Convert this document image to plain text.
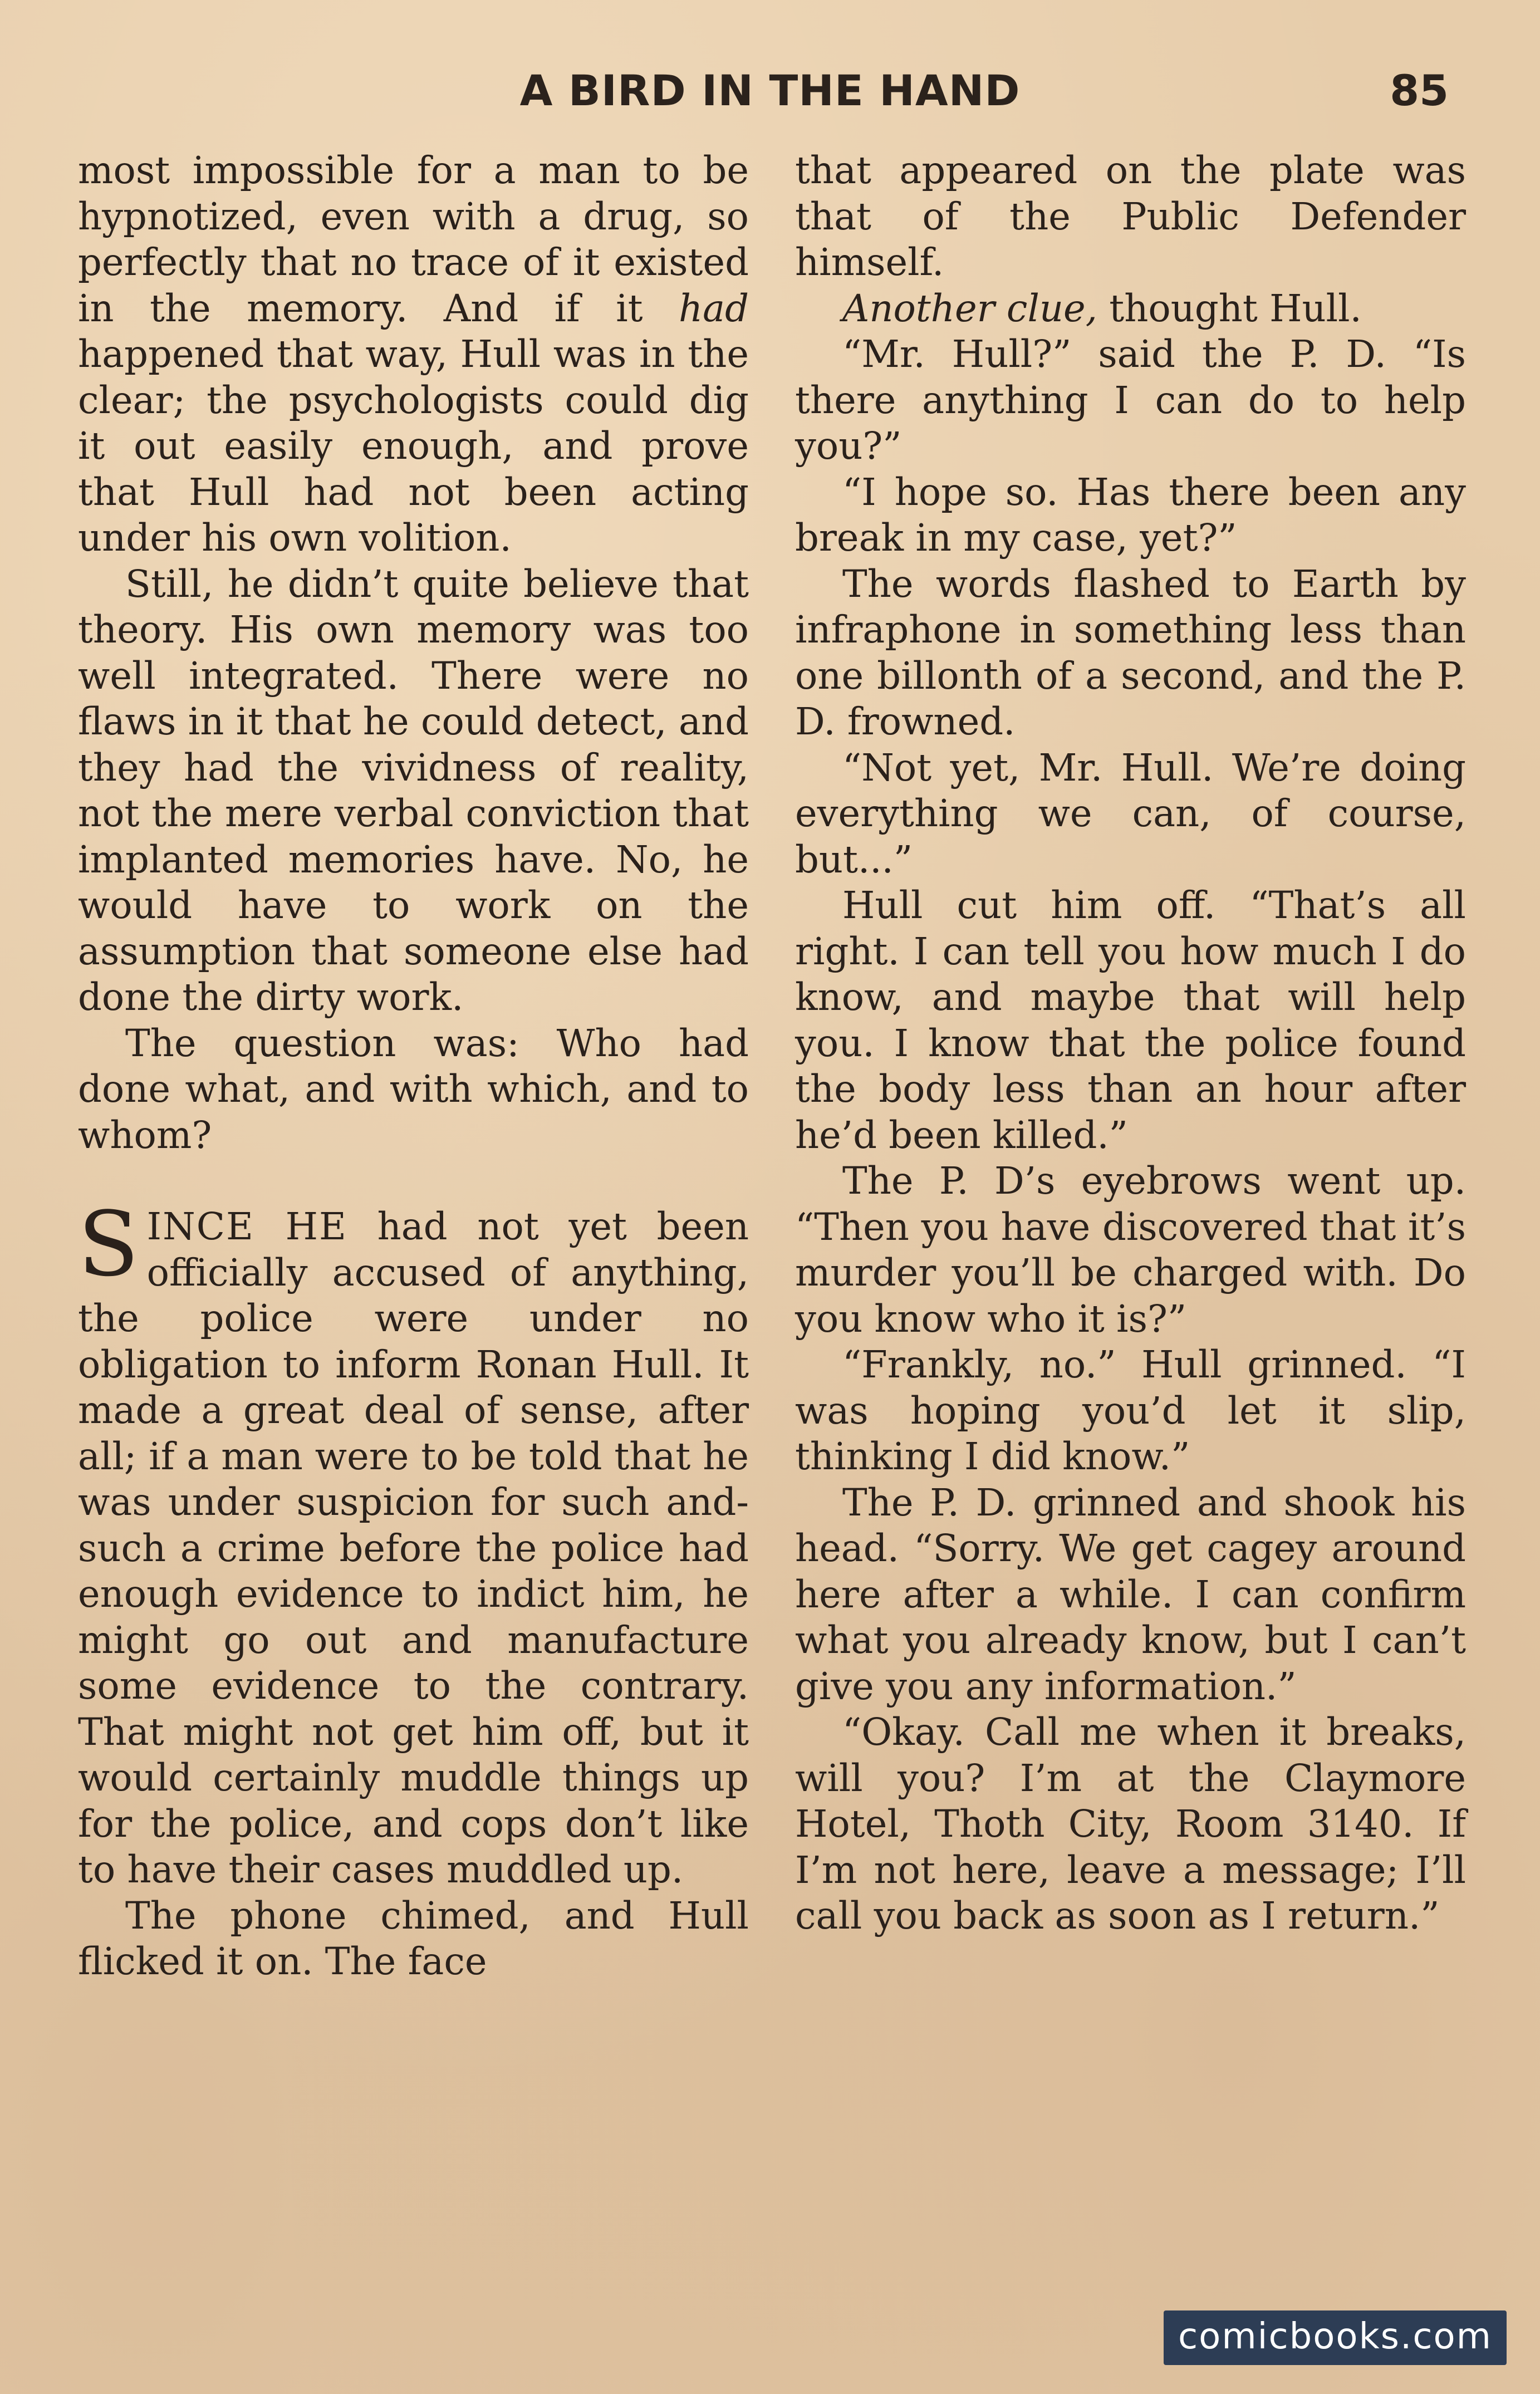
A BIRD IN THE HAND	85

most impossible for a man to be hypnotized, even with a drug, so perfectly that no trace of it existed in the memory. And if it had happened that way, Hull was in the clear; the psychologists could dig it out easily enough, and prove that Hull had not been acting under his own volition.

Still, he didn’t quite believe that theory. His own memory was too well integrated. There were no flaws in it that he could detect, and they had the vividness of reality, not the mere verbal conviction that implanted memories have. No, he would have to work on the assumption that someone else had done the dirty work.

The question was: Who had done what, and with which, and to whom?

SINCE HE had not yet been officially accused of anything, the police were under no obligation to inform Ronan Hull. It made a great deal of sense, after all; if a man were to be told that he was under suspicion for such and-such a crime before the police had enough evidence to indict him, he might go out and manufacture some evidence to the contrary. That might not get him off, but it would certainly muddle things up for the police, and cops don’t like to have their cases muddled up.

The phone chimed, and Hull flicked it on. The face

that appeared on the plate was that of the Public Defender himself.

Another clue, thought Hull.

“Mr. Hull?” said the P. D. “Is there anything I can do to help you?”

“I hope so. Has there been any break in my case, yet?”

The words flashed to Earth by infraphone in something less than one billonth of a second, and the P. D. frowned.

“Not yet, Mr. Hull. We’re doing everything we can, of course, but...”

Hull cut him off. “That’s all right. I can tell you how much I do know, and maybe that will help you. I know that the police found the body less than an hour after he’d been killed.”

The P. D’s eyebrows went up. “Then you have discovered that it’s murder you’ll be charged with. Do you know who it is?”

“Frankly, no.” Hull grinned. “I was hoping you’d let it slip, thinking I did know.”

The P. D. grinned and shook his head. “Sorry. We get cagey around here after a while. I can confirm what you already know, but I can’t give you any information.”

“Okay. Call me when it breaks, will you? I’m at the Claymore Hotel, Thoth City, Room 3140. If I’m not here, leave a message; I’ll call you back as soon as I return.”

comicbooks.com
